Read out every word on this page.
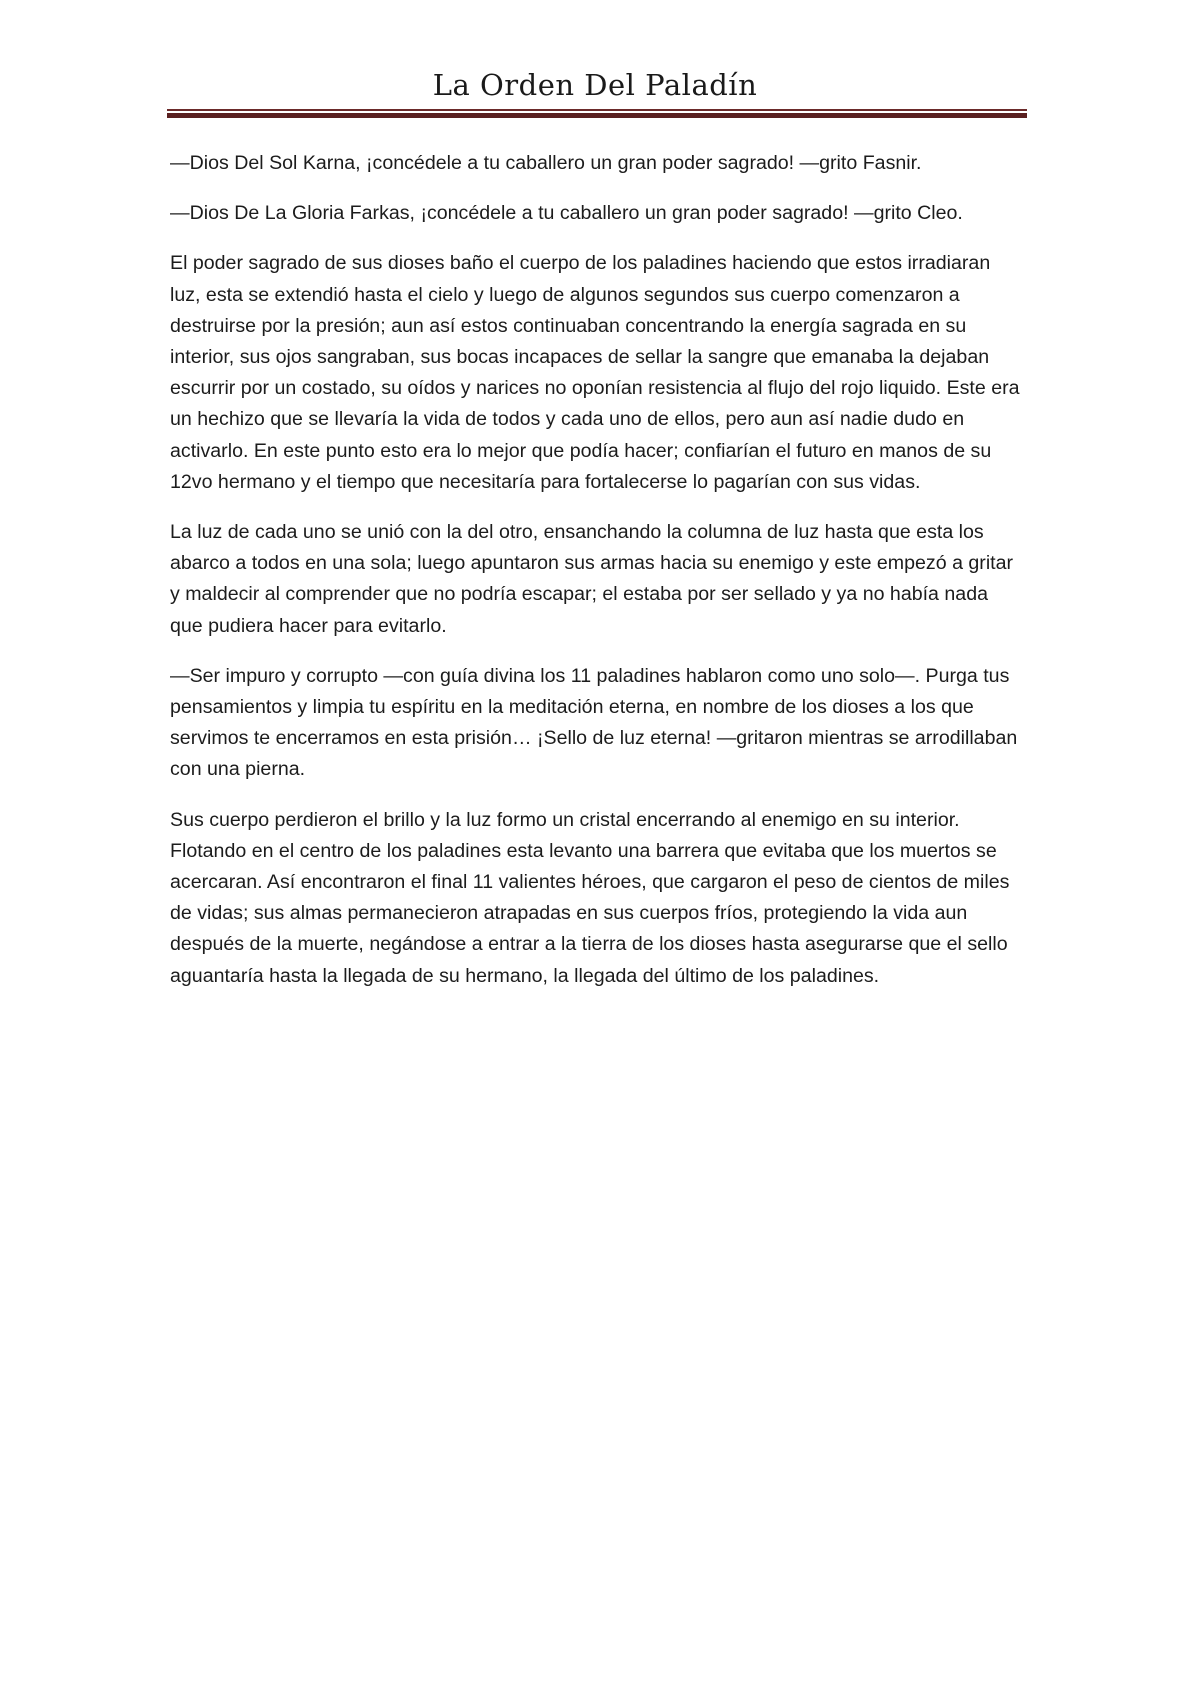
La Orden Del Paladín

—Dios Del Sol Karna, ¡concédele a tu caballero un gran poder sagrado! —grito Fasnir.

—Dios De La Gloria Farkas, ¡concédele a tu caballero un gran poder sagrado! —grito Cleo.

El poder sagrado de sus dioses baño el cuerpo de los paladines haciendo que estos irradiaran luz, esta se extendió hasta el cielo y luego de algunos segundos sus cuerpo comenzaron a destruirse por la presión; aun así estos continuaban concentrando la energía sagrada en su interior, sus ojos sangraban, sus bocas incapaces de sellar la sangre que emanaba la dejaban escurrir por un costado, su oídos y narices no oponían resistencia al flujo del rojo liquido. Este era un hechizo que se llevaría la vida de todos y cada uno de ellos, pero aun así nadie dudo en activarlo. En este punto esto era lo mejor que podía hacer; confiarían el futuro en manos de su 12vo hermano y el tiempo que necesitaría para fortalecerse lo pagarían con sus vidas.

La luz de cada uno se unió con la del otro, ensanchando la columna de luz hasta que esta los abarco a todos en una sola; luego apuntaron sus armas hacia su enemigo y este empezó a gritar y maldecir al comprender que no podría escapar; el estaba por ser sellado y ya no había nada que pudiera hacer para evitarlo.

—Ser impuro y corrupto —con guía divina los 11 paladines hablaron como uno solo—. Purga tus pensamientos y limpia tu espíritu en la meditación eterna, en nombre de los dioses a los que servimos te encerramos en esta prisión… ¡Sello de luz eterna! —gritaron mientras se arrodillaban con una pierna.

Sus cuerpo perdieron el brillo y la luz formo un cristal encerrando al enemigo en su interior. Flotando en el centro de los paladines esta levanto una barrera que evitaba que los muertos se acercaran. Así encontraron el final 11 valientes héroes, que cargaron el peso de cientos de miles de vidas; sus almas permanecieron atrapadas en sus cuerpos fríos, protegiendo la vida aun después de la muerte, negándose a entrar a la tierra de los dioses hasta asegurarse que el sello aguantaría hasta la llegada de su hermano, la llegada del último de los paladines.
